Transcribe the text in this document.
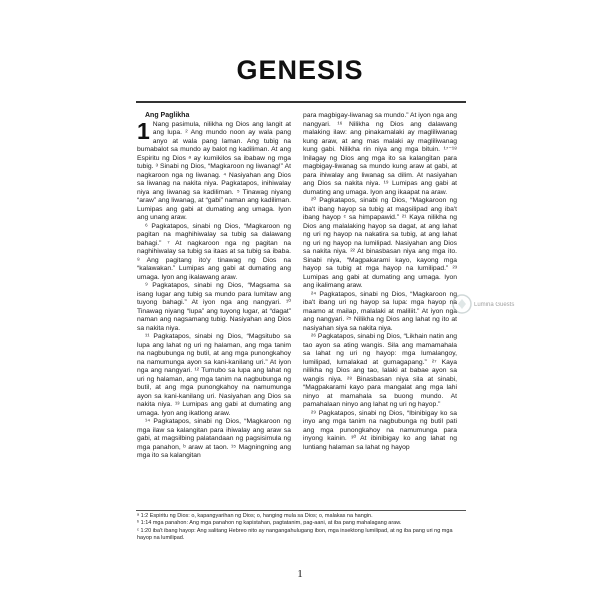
GENESIS

Ang Paglikha

1 Nang pasimula, nilikha ng Dios ang langit at ang lupa. ² Ang mundo noon ay wala pang anyo at wala pang laman. Ang tubig na bumabalot sa mundo ay balot ng kadiliman. At ang Espiritu ng Dios ᵃ ay kumikilos sa ibabaw ng mga tubig. ³ Sinabi ng Dios, “Magkaroon ng liwanag!” At nagkaroon nga ng liwanag. ⁴ Nasiyahan ang Dios sa liwanag na nakita niya. Pagkatapos, inihiwalay niya ang liwanag sa kadiliman. ⁵ Tinawag niyang “araw” ang liwanag, at “gabi” naman ang kadiliman. Lumipas ang gabi at dumating ang umaga. Iyon ang unang araw.

⁶ Pagkatapos, sinabi ng Dios, “Magkaroon ng pagitan na maghihiwalay sa tubig sa dalawang bahagi.” ⁷ At nagkaroon nga ng pagitan na naghihiwalay sa tubig sa itaas at sa tubig sa ibaba. ⁸ Ang pagitang ito'y tinawag ng Dios na “kalawakan.” Lumipas ang gabi at dumating ang umaga. Iyon ang ikalawang araw.

⁹ Pagkatapos, sinabi ng Dios, “Magsama sa isang lugar ang tubig sa mundo para lumitaw ang tuyong bahagi.” At iyon nga ang nangyari. ¹⁰ Tinawag niyang “lupa” ang tuyong lugar, at “dagat” naman ang nagsamang tubig. Nasiyahan ang Dios sa nakita niya.

¹¹ Pagkatapos, sinabi ng Dios, “Magsitubo sa lupa ang lahat ng uri ng halaman, ang mga tanim na nagbubunga ng butil, at ang mga punongkahoy na namumunga ayon sa kani-kanilang uri.” At iyon nga ang nangyari. ¹² Tumubo sa lupa ang lahat ng uri ng halaman, ang mga tanim na nagbubunga ng butil, at ang mga punongkahoy na namumunga ayon sa kani-kanilang uri. Nasiyahan ang Dios sa nakita niya. ¹³ Lumipas ang gabi at dumating ang umaga. Iyon ang ikatlong araw.

¹⁴ Pagkatapos, sinabi ng Dios, “Magkaroon ng mga ilaw sa kalangitan para ihiwalay ang araw sa gabi, at magsilbing palatandaan ng pagsisimula ng mga panahon, ᵇ araw at taon. ¹⁵ Magningning ang mga ito sa kalangitan

para magbigay-liwanag sa mundo.” At iyon nga ang nangyari. ¹⁶ Nilikha ng Dios ang dalawang malaking ilaw: ang pinakamalaki ay magliliwanag kung araw, at ang mas malaki ay magliliwanag kung gabi. Nilikha rin niya ang mga bituin. ¹⁷⁻¹⁸ Inilagay ng Dios ang mga ito sa kalangitan para magbigay-liwanag sa mundo kung araw at gabi, at para ihiwalay ang liwanag sa dilim. At nasiyahan ang Dios sa nakita niya. ¹⁹ Lumipas ang gabi at dumating ang umaga. Iyon ang ikaapat na araw.

²⁰ Pagkatapos, sinabi ng Dios, “Magkaroon ng iba't ibang hayop sa tubig at magsilipad ang iba't ibang hayop ᶜ sa himpapawid.” ²¹ Kaya nilikha ng Dios ang malalaking hayop sa dagat, at ang lahat ng uri ng hayop na nakatira sa tubig, at ang lahat ng uri ng hayop na lumilipad. Nasiyahan ang Dios sa nakita niya. ²² At binasbasan niya ang mga ito. Sinabi niya, “Magpakarami kayo, kayong mga hayop sa tubig at mga hayop na lumilipad.” ²³ Lumipas ang gabi at dumating ang umaga. Iyon ang ikalimang araw.

²⁴ Pagkatapos, sinabi ng Dios, “Magkaroon ng iba't ibang uri ng hayop sa lupa: mga hayop na maamo at mailap, malalaki at maliliit.” At iyon nga ang nangyari. ²⁵ Nilikha ng Dios ang lahat ng ito at nasiyahan siya sa nakita niya.

²⁶ Pagkatapos, sinabi ng Dios, “Likhain natin ang tao ayon sa ating wangis. Sila ang mamamahala sa lahat ng uri ng hayop: mga lumalangoy, lumilipad, lumalakad at gumagapang.” ²⁷ Kaya nilikha ng Dios ang tao, lalaki at babae ayon sa wangis niya. ²⁸ Binasbasan niya sila at sinabi, “Magpakarami kayo para mangalat ang mga lahi ninyo at mamahala sa buong mundo. At pamahalaan ninyo ang lahat ng uri ng hayop.”

²⁹ Pagkatapos, sinabi ng Dios, “Ibinibigay ko sa inyo ang mga tanim na nagbubunga ng butil pati ang mga punongkahoy na namumunga para inyong kainin. ³⁰ At ibinibigay ko ang lahat ng luntiang halaman sa lahat ng hayop

Lumina Guests

ᵃ 1:2 Espiritu ng Dios: o, kapangyarihan ng Dios; o, hanging mula sa Dios; o, malakas na hangin.

ᵇ 1:14 mga panahon: Ang mga panahon ng kapistahan, pagtatanim, pag-aani, at iba pang mahalagang araw.

ᶜ 1:20 iba't ibang hayop: Ang salitang Hebreo nito ay nangangahulugang ibon, mga insektong lumilipad, at ng iba pang uri ng mga hayop na lumilipad.

1
